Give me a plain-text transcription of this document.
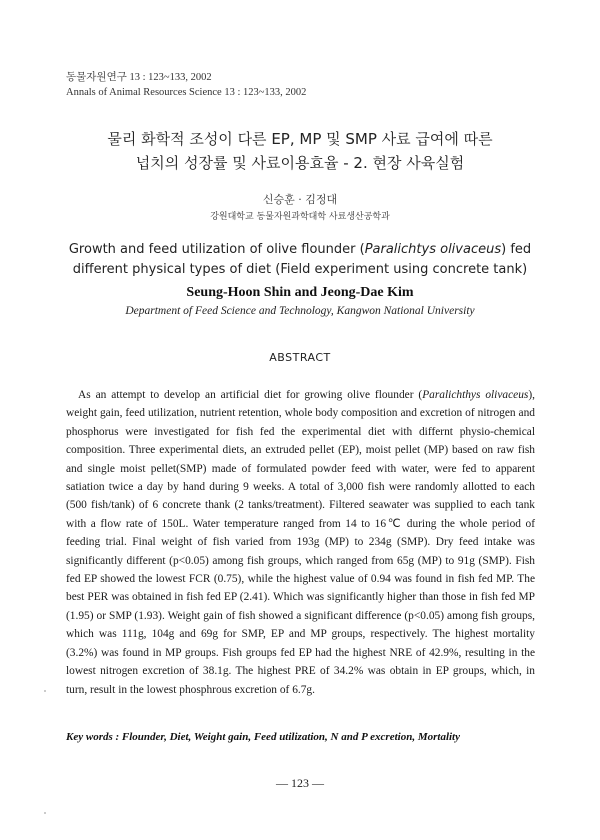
동물자원연구 13 : 123~133, 2002
Annals of Animal Resources Science 13 : 123~133, 2002
물리 화학적 조성이 다른 EP, MP 및 SMP 사료 급여에 따른
넙치의 성장률 및 사료이용효율 - 2. 현장 사육실험
신승훈 · 김정대
강원대학교 동물자원과학대학 사료생산공학과
Growth and feed utilization of olive flounder (Paralichtys olivaceus) fed
different physical types of diet (Field experiment using concrete tank)
Seung-Hoon Shin and Jeong-Dae Kim
Department of Feed Science and Technology, Kangwon National University
ABSTRACT

As an attempt to develop an artificial diet for growing olive flounder (Paralichthys olivaceus), weight gain, feed utilization, nutrient retention, whole body composition and excretion of nitrogen and phosphorus were investigated for fish fed the experimental diet with differnt physio-chemical composition. Three experimental diets, an extruded pellet (EP), moist pellet (MP) based on raw fish and single moist pellet(SMP) made of formulated powder feed with water, were fed to apparent satiation twice a day by hand during 9 weeks. A total of 3,000 fish were randomly allotted to each (500 fish/tank) of 6 concrete thank (2 tanks/treatment). Filtered seawater was supplied to each tank with a flow rate of 150L. Water temperature ranged from 14 to 16℃ during the whole period of feeding trial. Final weight of fish varied from 193g (MP) to 234g (SMP). Dry feed intake was significantly different (p<0.05) among fish groups, which ranged from 65g (MP) to 91g (SMP). Fish fed EP showed the lowest FCR (0.75), while the highest value of 0.94 was found in fish fed MP. The best PER was obtained in fish fed EP (2.41). Which was significantly higher than those in fish fed MP (1.95) or SMP (1.93). Weight gain of fish showed a significant difference (p<0.05) among fish groups, which was 111g, 104g and 69g for SMP, EP and MP groups, respectively. The highest mortality (3.2%) was found in MP groups. Fish groups fed EP had the highest NRE of 42.9%, resulting in the lowest nitrogen excretion of 38.1g. The highest PRE of 34.2% was obtain in EP groups, which, in turn, result in the lowest phosphrous excretion of 6.7g.

Key words : Flounder, Diet, Weight gain, Feed utilization, N and P excretion, Mortality
— 123 —
